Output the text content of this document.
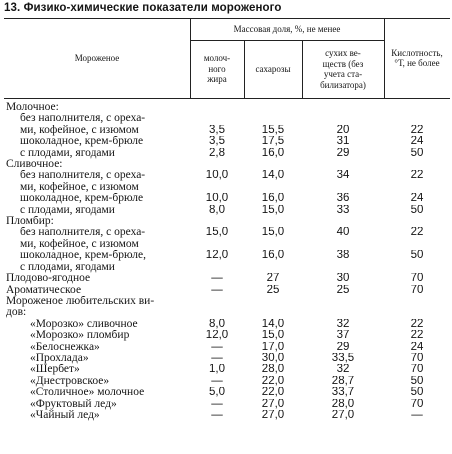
13. Физико-химические показатели мороженого
Мороженое
Массовая доля, %, не менее
молоч-
ного
жира
сахарозы
сухих ве-
ществ (без
учета ста-
билизатора)
Кислотность,
°Т, не более
Молочное:				
без наполнителя, с ореха-				
ми, кофейное, с изюмом	3,5	15,5	20	22
шоколадное, крем-брюле	3,5	17,5	31	24
с плодами, ягодами	2,8	16,0	29	50
Сливочное:				
без наполнителя, с ореха-	10,0	14,0	34	22
ми, кофейное, с изюмом				
шоколадное, крем-брюле	10,0	16,0	36	24
с плодами, ягодами	8,0	15,0	33	50
Пломбир:				
без наполнителя, с ореха-	15,0	15,0	40	22
ми, кофейное, с изюмом				
шоколадное, крем-брюле,	12,0	16,0	38	50
с плодами, ягодами				
Плодово-ягодное	—	27	30	70
Ароматическое	—	25	25	70
Мороженое любительских ви-				
дов:				
«Морозко» сливочное	8,0	14,0	32	22
«Морозко» пломбир	12,0	15,0	37	22
«Белоснежка»	—	17,0	29	24
«Прохлада»	—	30,0	33,5	70
«Шербет»	1,0	28,0	32	70
«Днестровское»	—	22,0	28,7	50
«Столичное» молочное	5,0	22,0	33,7	50
«Фруктовый лед»	—	27,0	28,0	70
«Чайный лед»	—	27,0	27,0	—
